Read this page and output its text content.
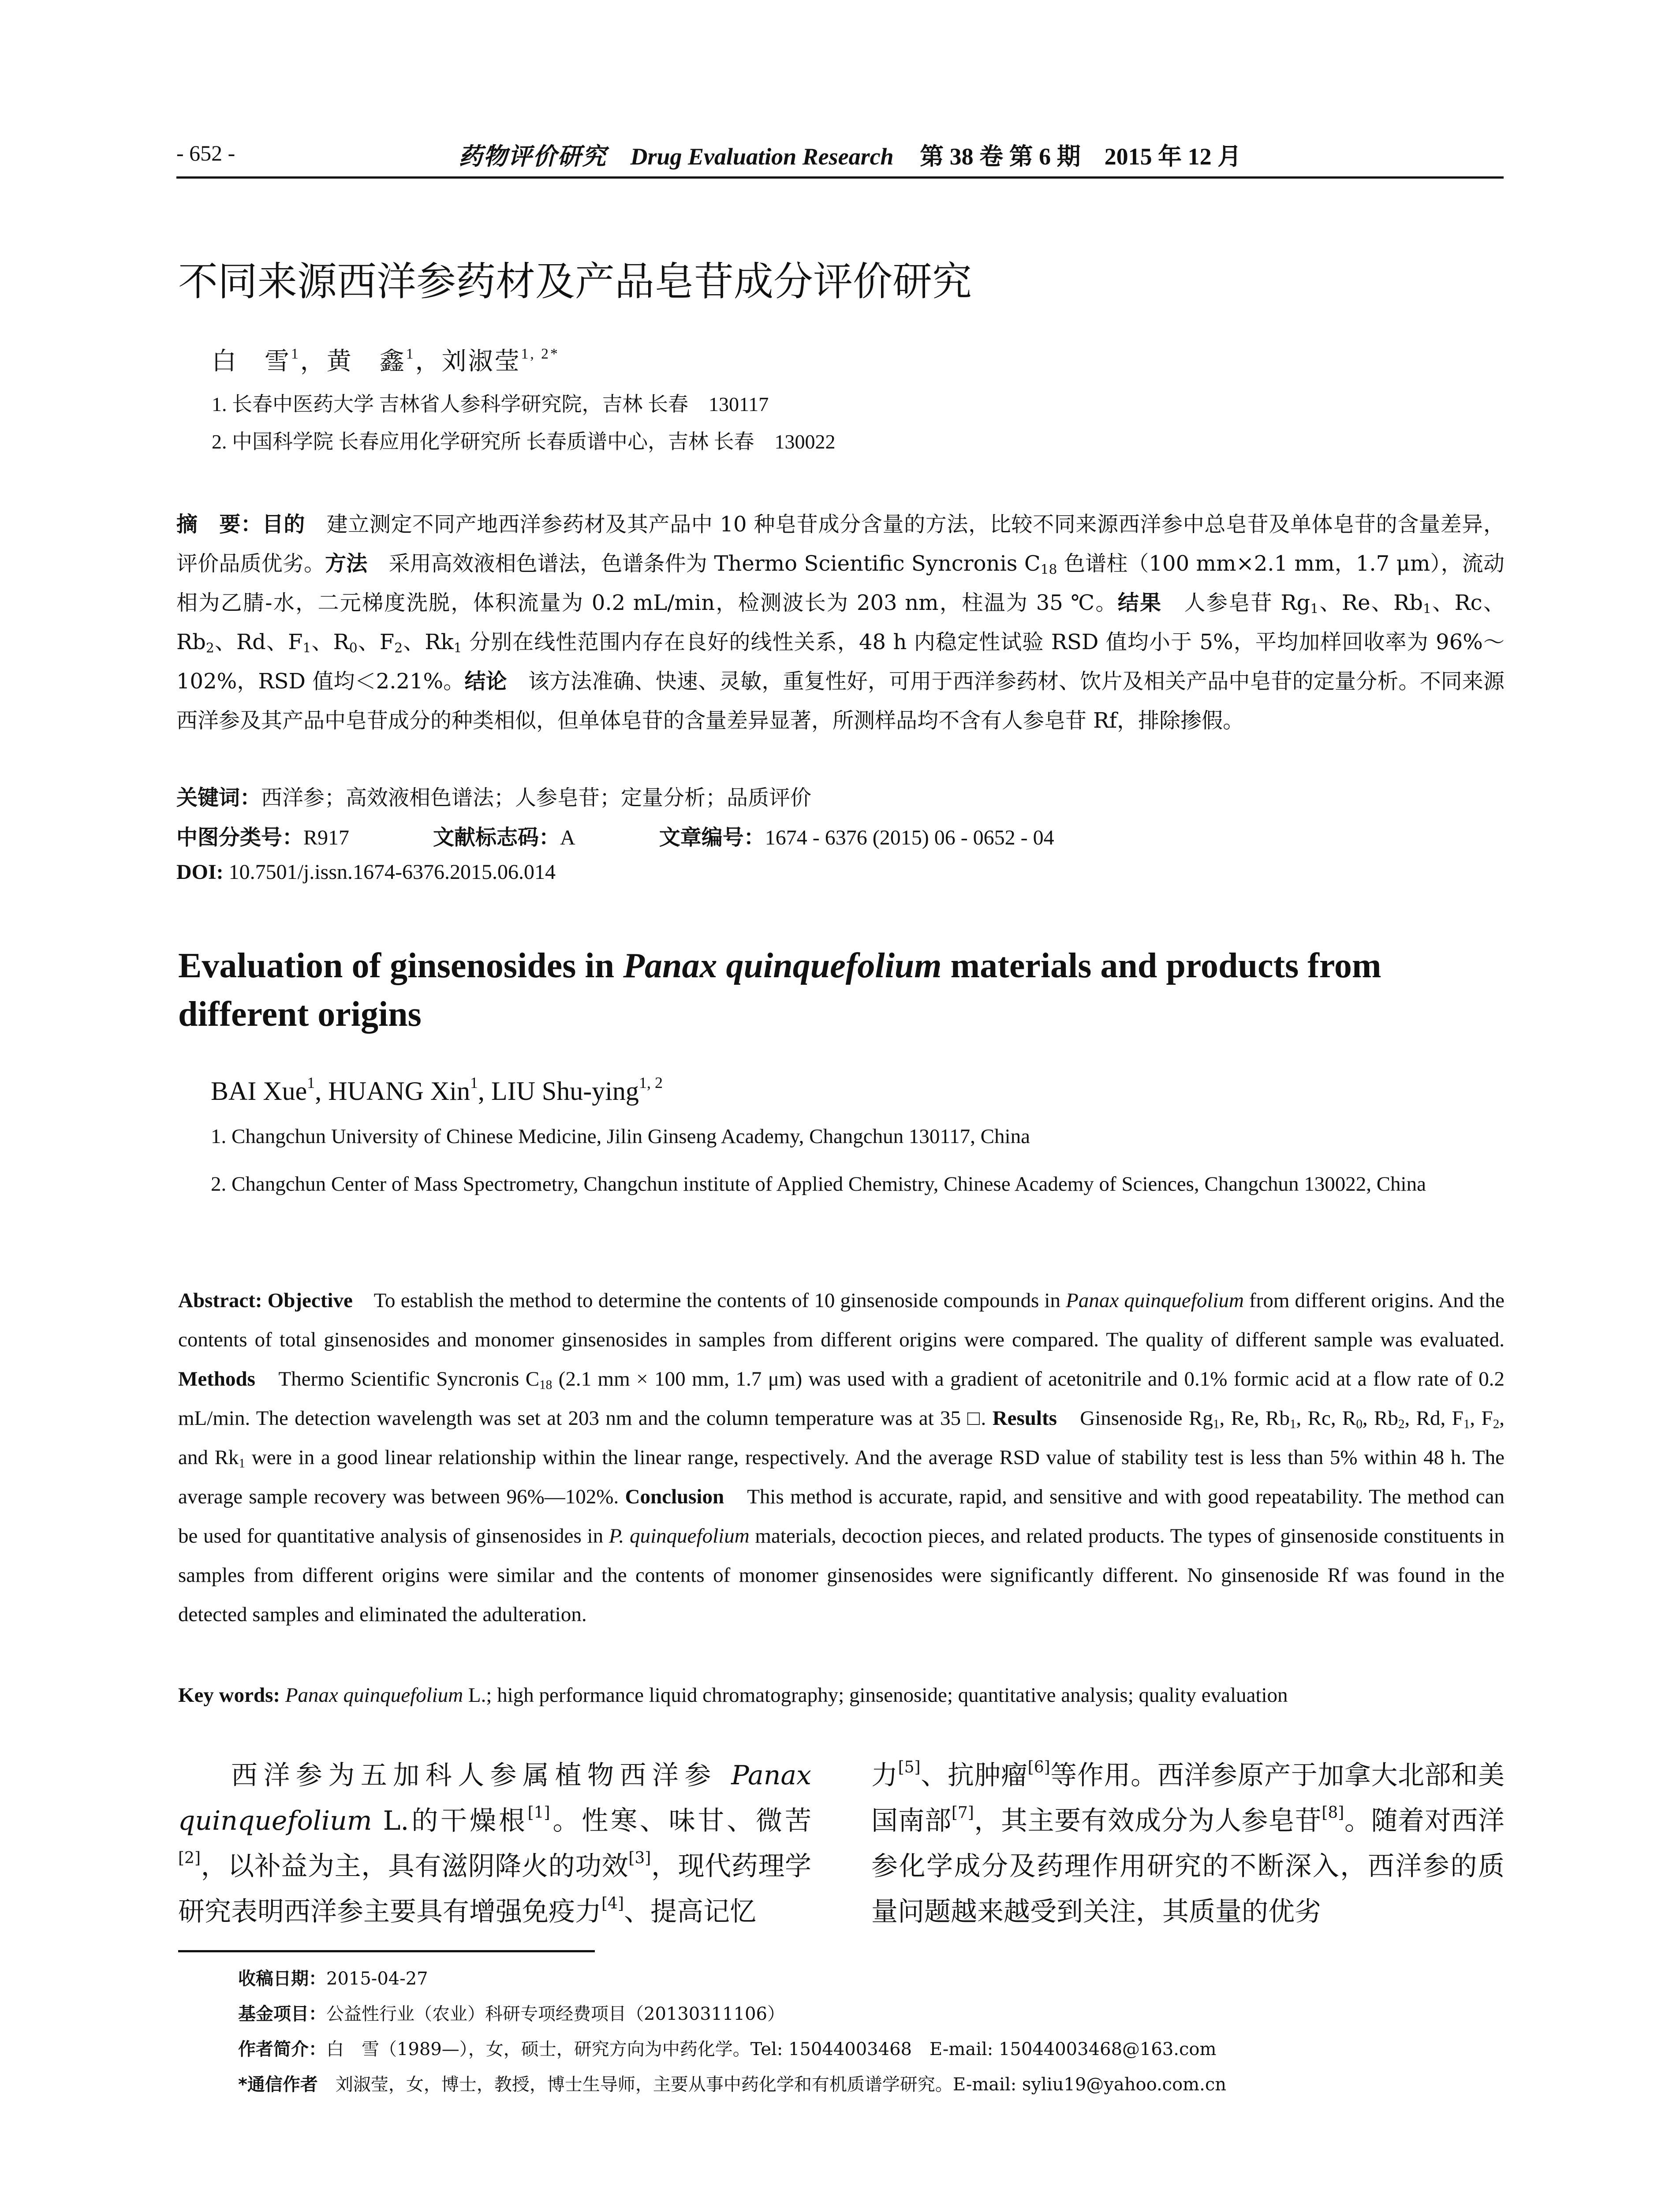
- 652 -	药物评价研究 Drug Evaluation Research 第 38 卷 第 6 期　2015 年 12 月
不同来源西洋参药材及产品皂苷成分评价研究
白　雪$^1$，黄　鑫$^1$，刘淑莹$^{1, 2*}$
1. 长春中医药大学 吉林省人参科学研究院，吉林 长春　130117
2. 中国科学院 长春应用化学研究所 长春质谱中心，吉林 长春　130022
摘　要：目的　建立测定不同产地西洋参药材及其产品中 10 种皂苷成分含量的方法，比较不同来源西洋参中总皂苷及单体皂苷的含量差异，评价品质优劣。方法　采用高效液相色谱法，色谱条件为 Thermo Scientific Syncronis $C_{18}$ 色谱柱（100 mm×2.1 mm，1.7 μm），流动相为乙腈-水，二元梯度洗脱，体积流量为 0.2 mL/min，检测波长为 203 nm，柱温为 35 ℃。结果　人参皂苷 $Rg_1$、Re、$Rb_1$、Rc、$Rb_2$、Rd、$F_1$、$R_0$、$F_2$、$Rk_1$ 分别在线性范围内存在良好的线性关系，48 h 内稳定性试验 RSD 值均小于 5%，平均加样回收率为 96%～102%，RSD 值均＜2.21%。结论　该方法准确、快速、灵敏，重复性好，可用于西洋参药材、饮片及相关产品中皂苷的定量分析。不同来源西洋参及其产品中皂苷成分的种类相似，但单体皂苷的含量差异显著，所测样品均不含有人参皂苷 Rf，排除掺假。
关键词：西洋参；高效液相色谱法；人参皂苷；定量分析；品质评价
中图分类号：R917	文献标志码：A	文章编号：1674 - 6376 (2015) 06 - 0652 - 04
DOI: 10.7501/j.issn.1674-6376.2015.06.014
Evaluation of ginsenosides in Panax quinquefolium materials and products from different origins
BAI Xue$^1$, HUANG Xin$^1$, LIU Shu-ying$^{1, 2}$
1. Changchun University of Chinese Medicine, Jilin Ginseng Academy, Changchun 130117, China
2. Changchun Center of Mass Spectrometry, Changchun institute of Applied Chemistry, Chinese Academy of Sciences, Changchun 130022, China
Abstract: Objective　To establish the method to determine the contents of 10 ginsenoside compounds in Panax quinquefolium from different origins. And the contents of total ginsenosides and monomer ginsenosides in samples from different origins were compared. The quality of different sample was evaluated. Methods　Thermo Scientific Syncronis $C_{18}$ (2.1 mm × 100 mm, 1.7 μm) was used with a gradient of acetonitrile and 0.1% formic acid at a flow rate of 0.2 mL/min. The detection wavelength was set at 203 nm and the column temperature was at 35 □. Results　Ginsenoside $Rg_1$, Re, $Rb_1$, Rc, $R_0$, $Rb_2$, Rd, $F_1$, $F_2$, and $Rk_1$ were in a good linear relationship within the linear range, respectively. And the average RSD value of stability test is less than 5% within 48 h. The average sample recovery was between 96%—102%. Conclusion　This method is accurate, rapid, and sensitive and with good repeatability. The method can be used for quantitative analysis of ginsenosides in P. quinquefolium materials, decoction pieces, and related products. The types of ginsenoside constituents in samples from different origins were similar and the contents of monomer ginsenosides were significantly different. No ginsenoside Rf was found in the detected samples and eliminated the adulteration.
Key words: Panax quinquefolium L.; high performance liquid chromatography; ginsenoside; quantitative analysis; quality evaluation
西洋参为五加科人参属植物西洋参 Panax quinquefolium L.的干燥根[1]。性寒、味甘、微苦[2]，以补益为主，具有滋阴降火的功效[3]，现代药理学研究表明西洋参主要具有增强免疫力[4]、提高记忆
力[5]、抗肿瘤[6]等作用。西洋参原产于加拿大北部和美国南部[7]，其主要有效成分为人参皂苷[8]。随着对西洋参化学成分及药理作用研究的不断深入，西洋参的质量问题越来越受到关注，其质量的优劣
收稿日期：2015-04-27
基金项目：公益性行业（农业）科研专项经费项目（20130311106）
作者简介：白　雪（1989—），女，硕士，研究方向为中药化学。Tel: 15044003468　E-mail: 15044003468@163.com
*通信作者　刘淑莹，女，博士，教授，博士生导师，主要从事中药化学和有机质谱学研究。E-mail: syliu19@yahoo.com.cn
